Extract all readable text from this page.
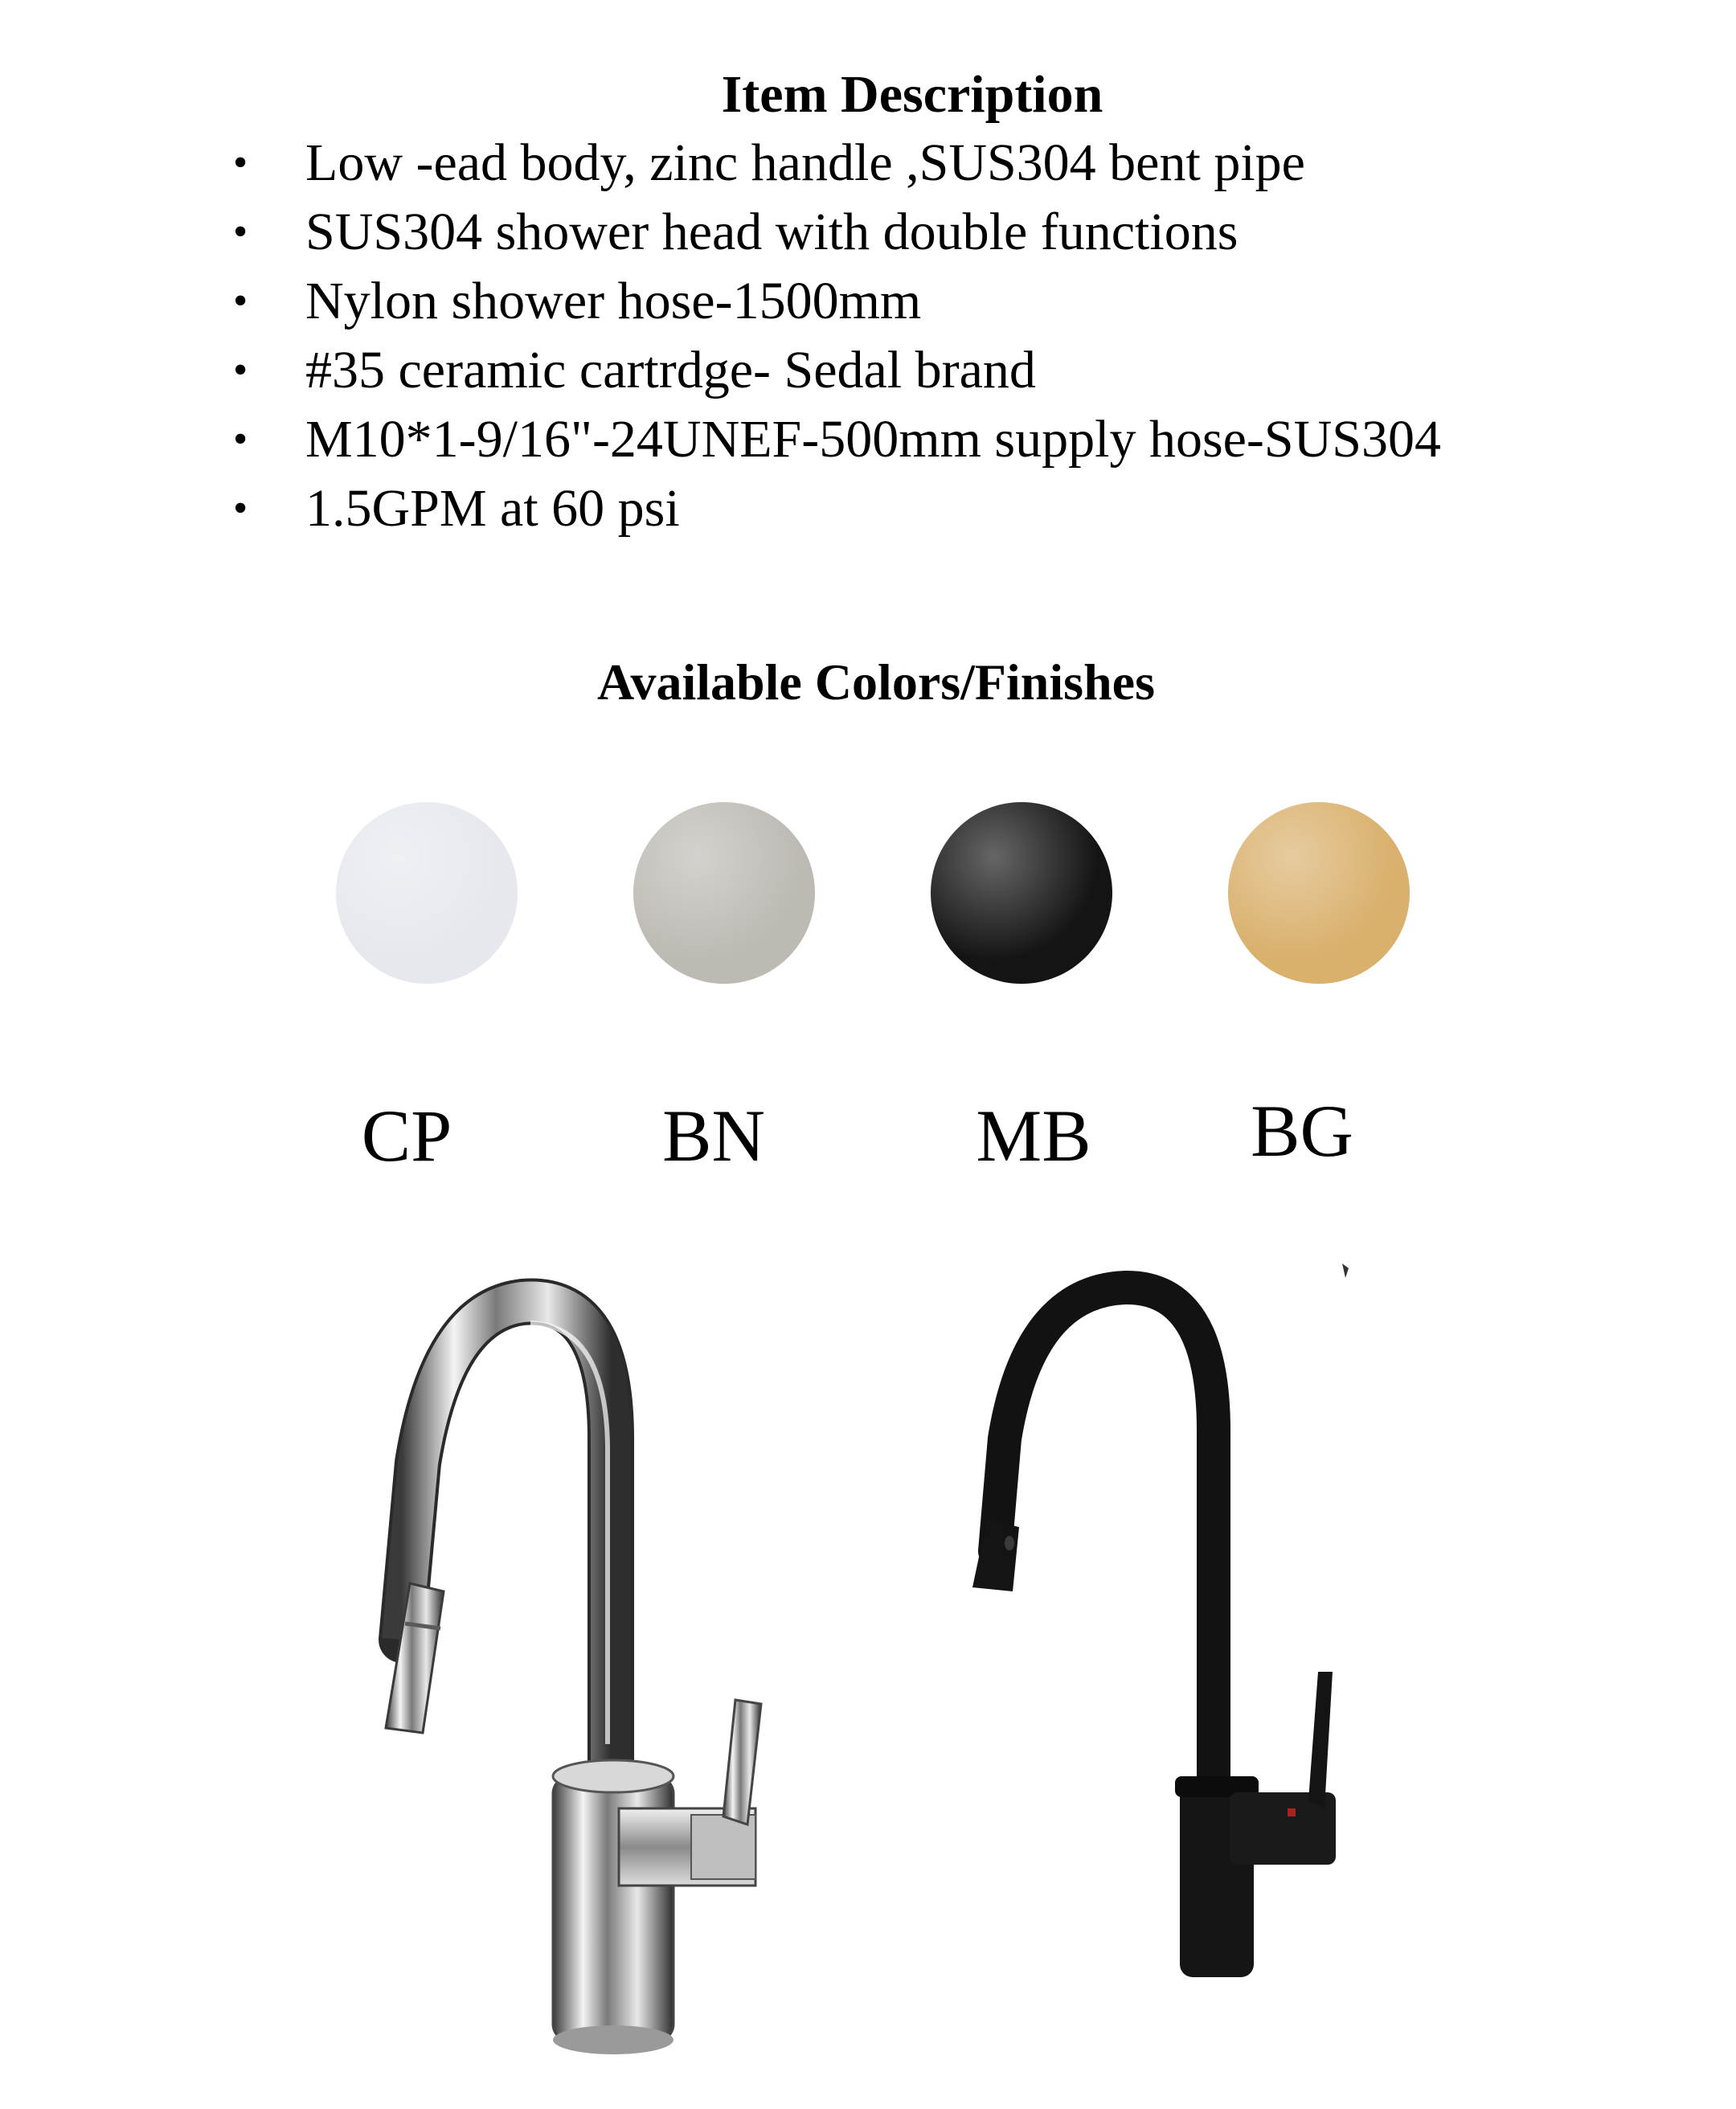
Item Description
• Low -ead body, zinc handle ,SUS304 bent pipe
• SUS304 shower head with double functions
• Nylon shower hose-1500mm
• #35 ceramic cartrdge- Sedal brand
• M10*1-9/16"-24UNEF-500mm supply hose-SUS304
• 1.5GPM at 60 psi
Available Colors/Finishes
CP	BN	MB	BG
